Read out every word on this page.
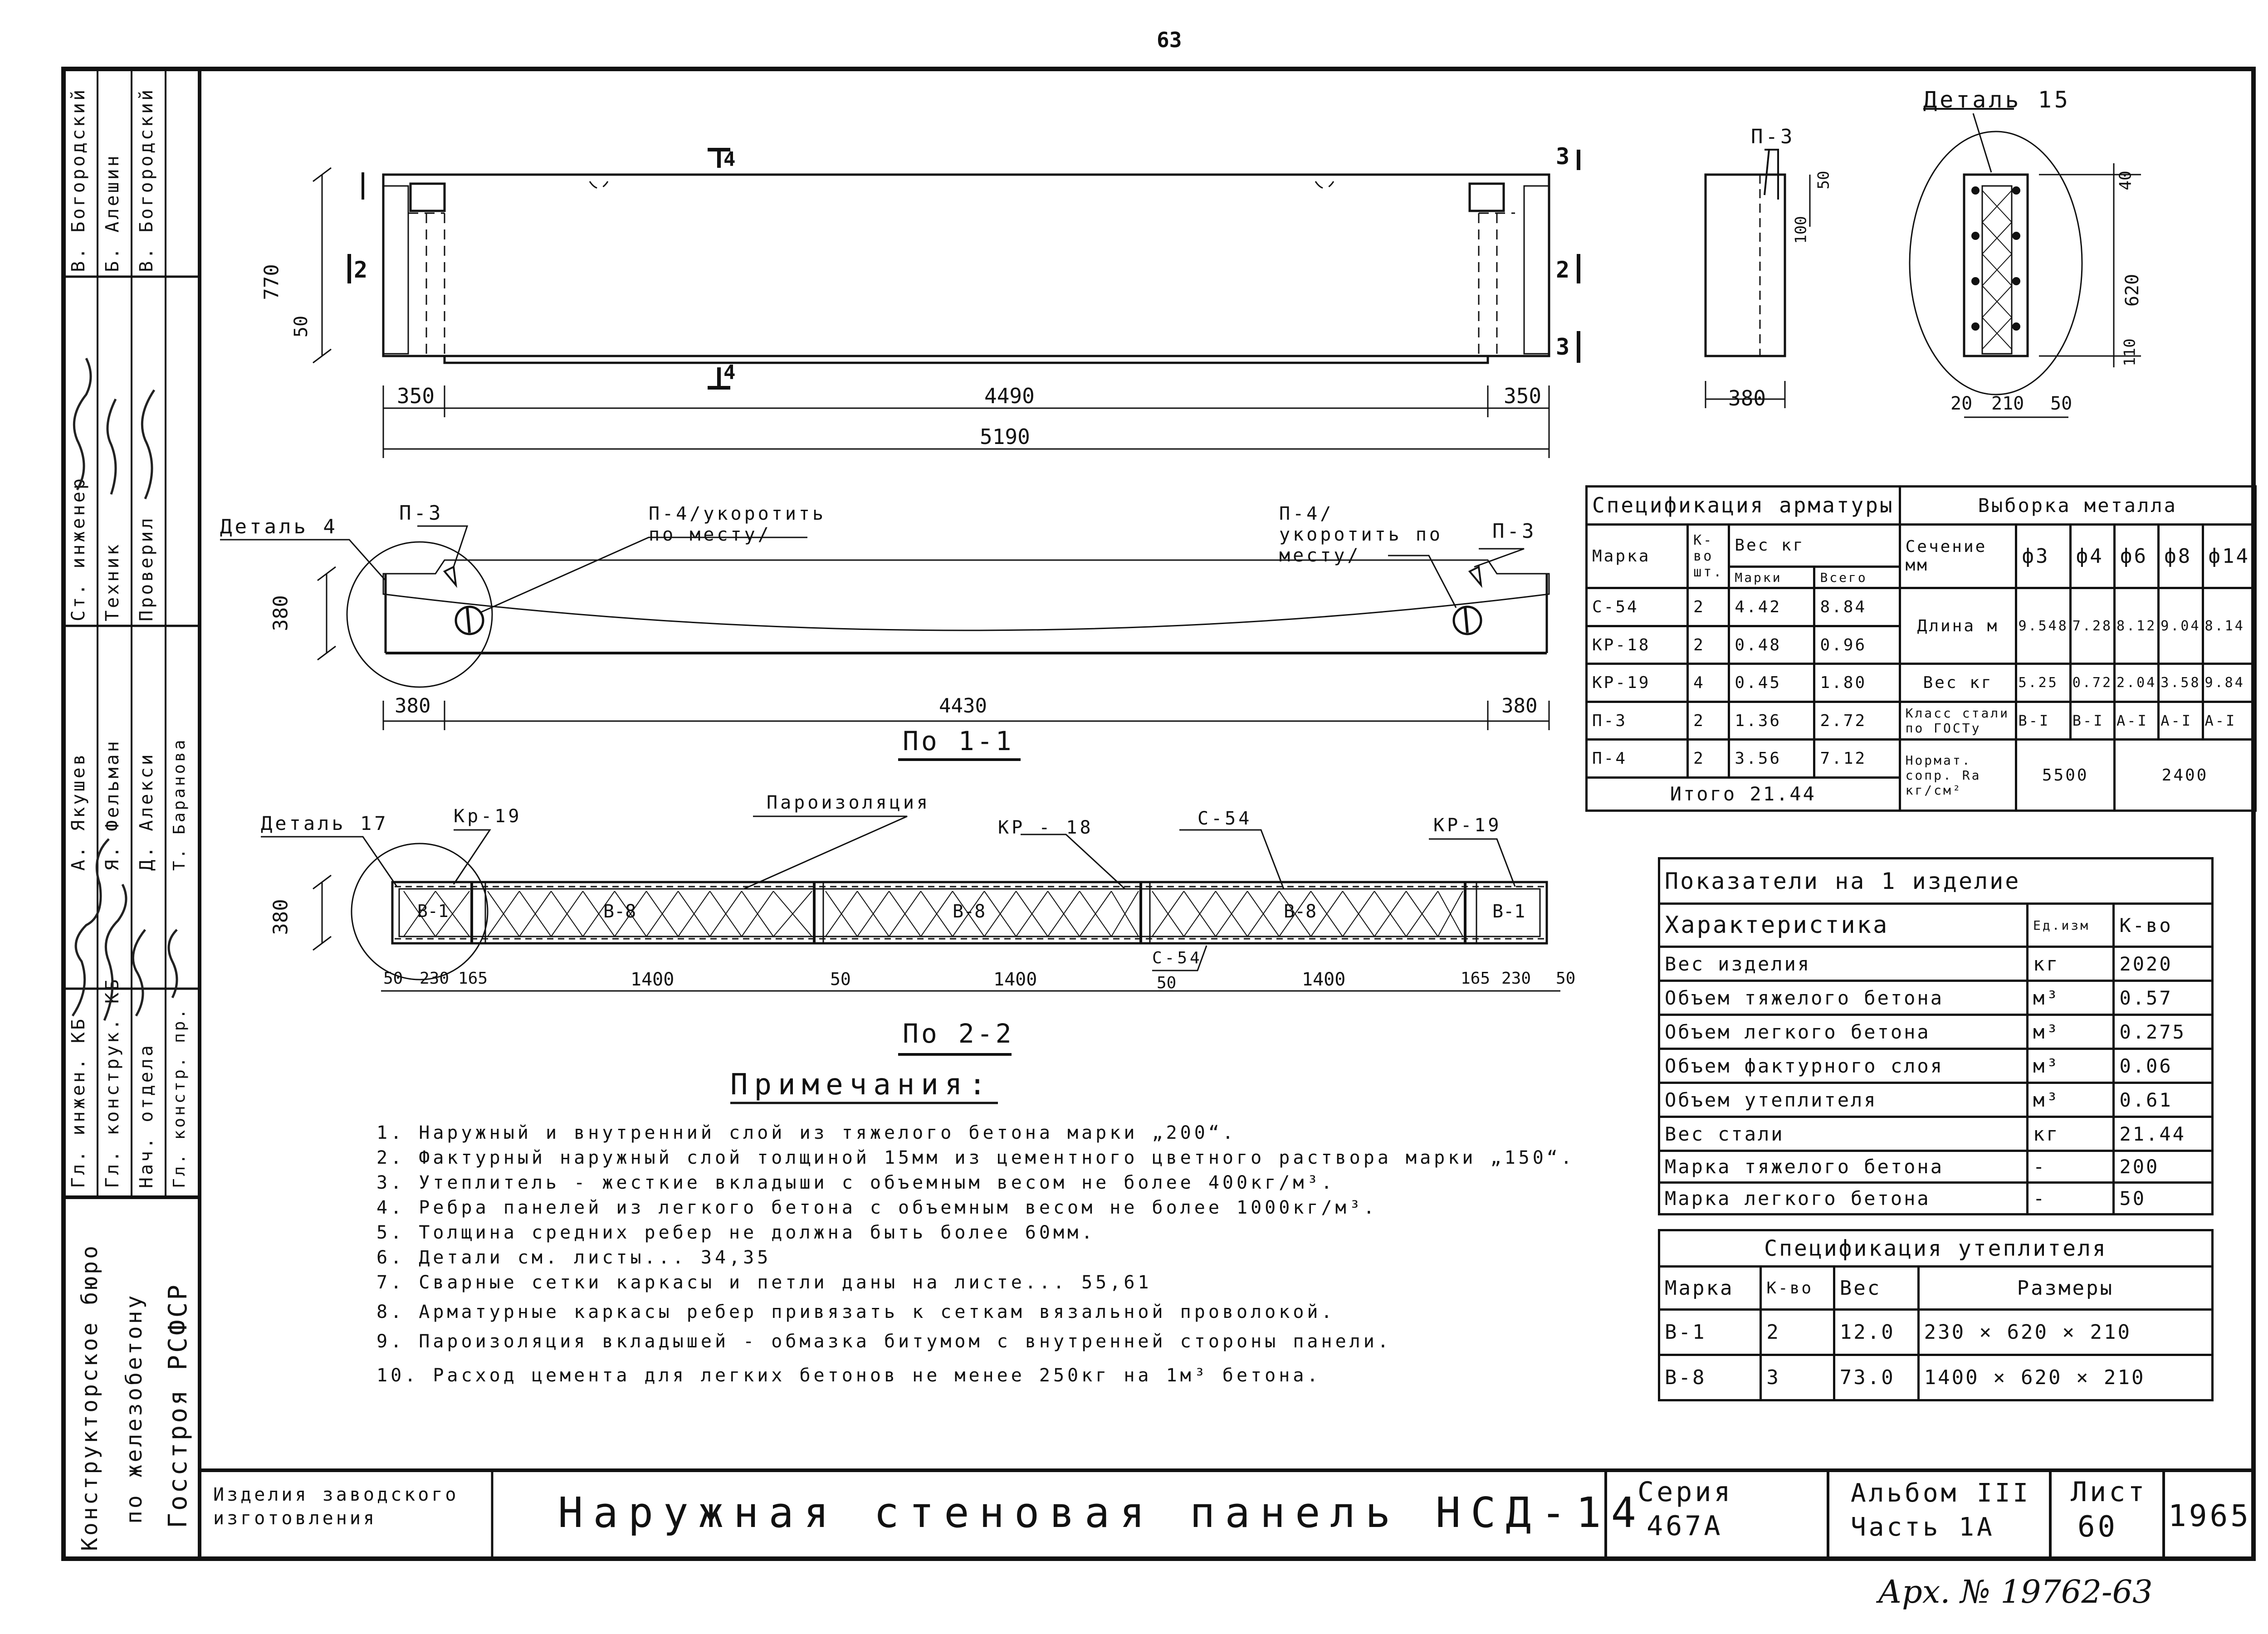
63
Арх. № 19762-63
770
50
350	4490	350
5190
4
4
2	2
3
3
Деталь 4
П-3	П-4/укоротить по месту/
П-4/укоротить по месту/
П-3
380
380	4430	380
По 1-1
Деталь 17	Кр-19
Пароизоляция
КР - 18	С-54	КР-19
С-54
В-1	В-8	В-8	В-8	В-1
380
50 230 165	1400	50	1400	50	1400	165 230 50
По 2-2
П-3
50
100
380
Деталь 15
40
620
110
20 210 50
Спецификация арматуры				Выборка металла					
Марка	К-во шт.	Вес кг		Сечение мм	ф3	ф4	ф6	ф8	ф14
		Марки	Всего						
С-54	2	4.42	8.84	Длина м	9.548	7.28	8.12	9.04	8.14
КР-18	2	0.48	0.96						
КР-19	4	0.45	1.80	Вес кг	5.25	0.72	2.04	3.58	9.84
П-3	2	1.36	2.72	Класс стали по ГОСТу	В-I	В-I	А-I	А-I	А-I
П-4	2	3.56	7.12	Нормат. сопр. Rа кг/см²	5500		2400		
Итого 21.44									
Показатели на 1 изделие		
Характеристика	Ед.изм	К-во
Вес изделия	кг	2020
Объем тяжелого бетона	м³	0.57
Объем легкого бетона	м³	0.275
Объем фактурного слоя	м³	0.06
Объем утеплителя	м³	0.61
Вес стали	кг	21.44
Марка тяжелого бетона	-	200
Марка легкого бетона	-	50
Спецификация утеплителя			
Марка	К-во	Вес	Размеры
В-1	2	12.0	230 × 620 × 210
В-8	3	73.0	1400 × 620 × 210
Примечания:
1. Наружный и внутренний слой из тяжелого бетона марки „200“.
2. Фактурный наружный слой толщиной 15мм из цементного цветного раствора марки „150“.
3. Утеплитель - жесткие вкладыши с объемным весом не более 400кг/м³.
4. Ребра панелей из легкого бетона с объемным весом не более 1000кг/м³.
5. Толщина средних ребер не должна быть более 60мм.
6. Детали см. листы... 34,35
7. Сварные сетки каркасы и петли даны на листе... 55,61
8. Арматурные каркасы ребер привязать к сеткам вязальной проволокой.
9. Пароизоляция вкладышей - обмазка битумом с внутренней стороны панели.
10. Расход цемента для легких бетонов не менее 250кг на 1м³ бетона.
Изделия заводского изготовления	Наружная стеновая панель НСД-14
Серия
467А
Альбом III
Часть 1А
Лист
60 1965
Конструкторское бюро по железобетону Госстроя РСФСР
Гл. инжен. КБ Гл. конструк. КБ Нач. отдела Гл. констр. пр.
Ст. инженер Техник Проверил
А. Якушев Я. Фельман Д. Алекси Т. Баранова
В. Богородский Б. Алешин В. Богородский
